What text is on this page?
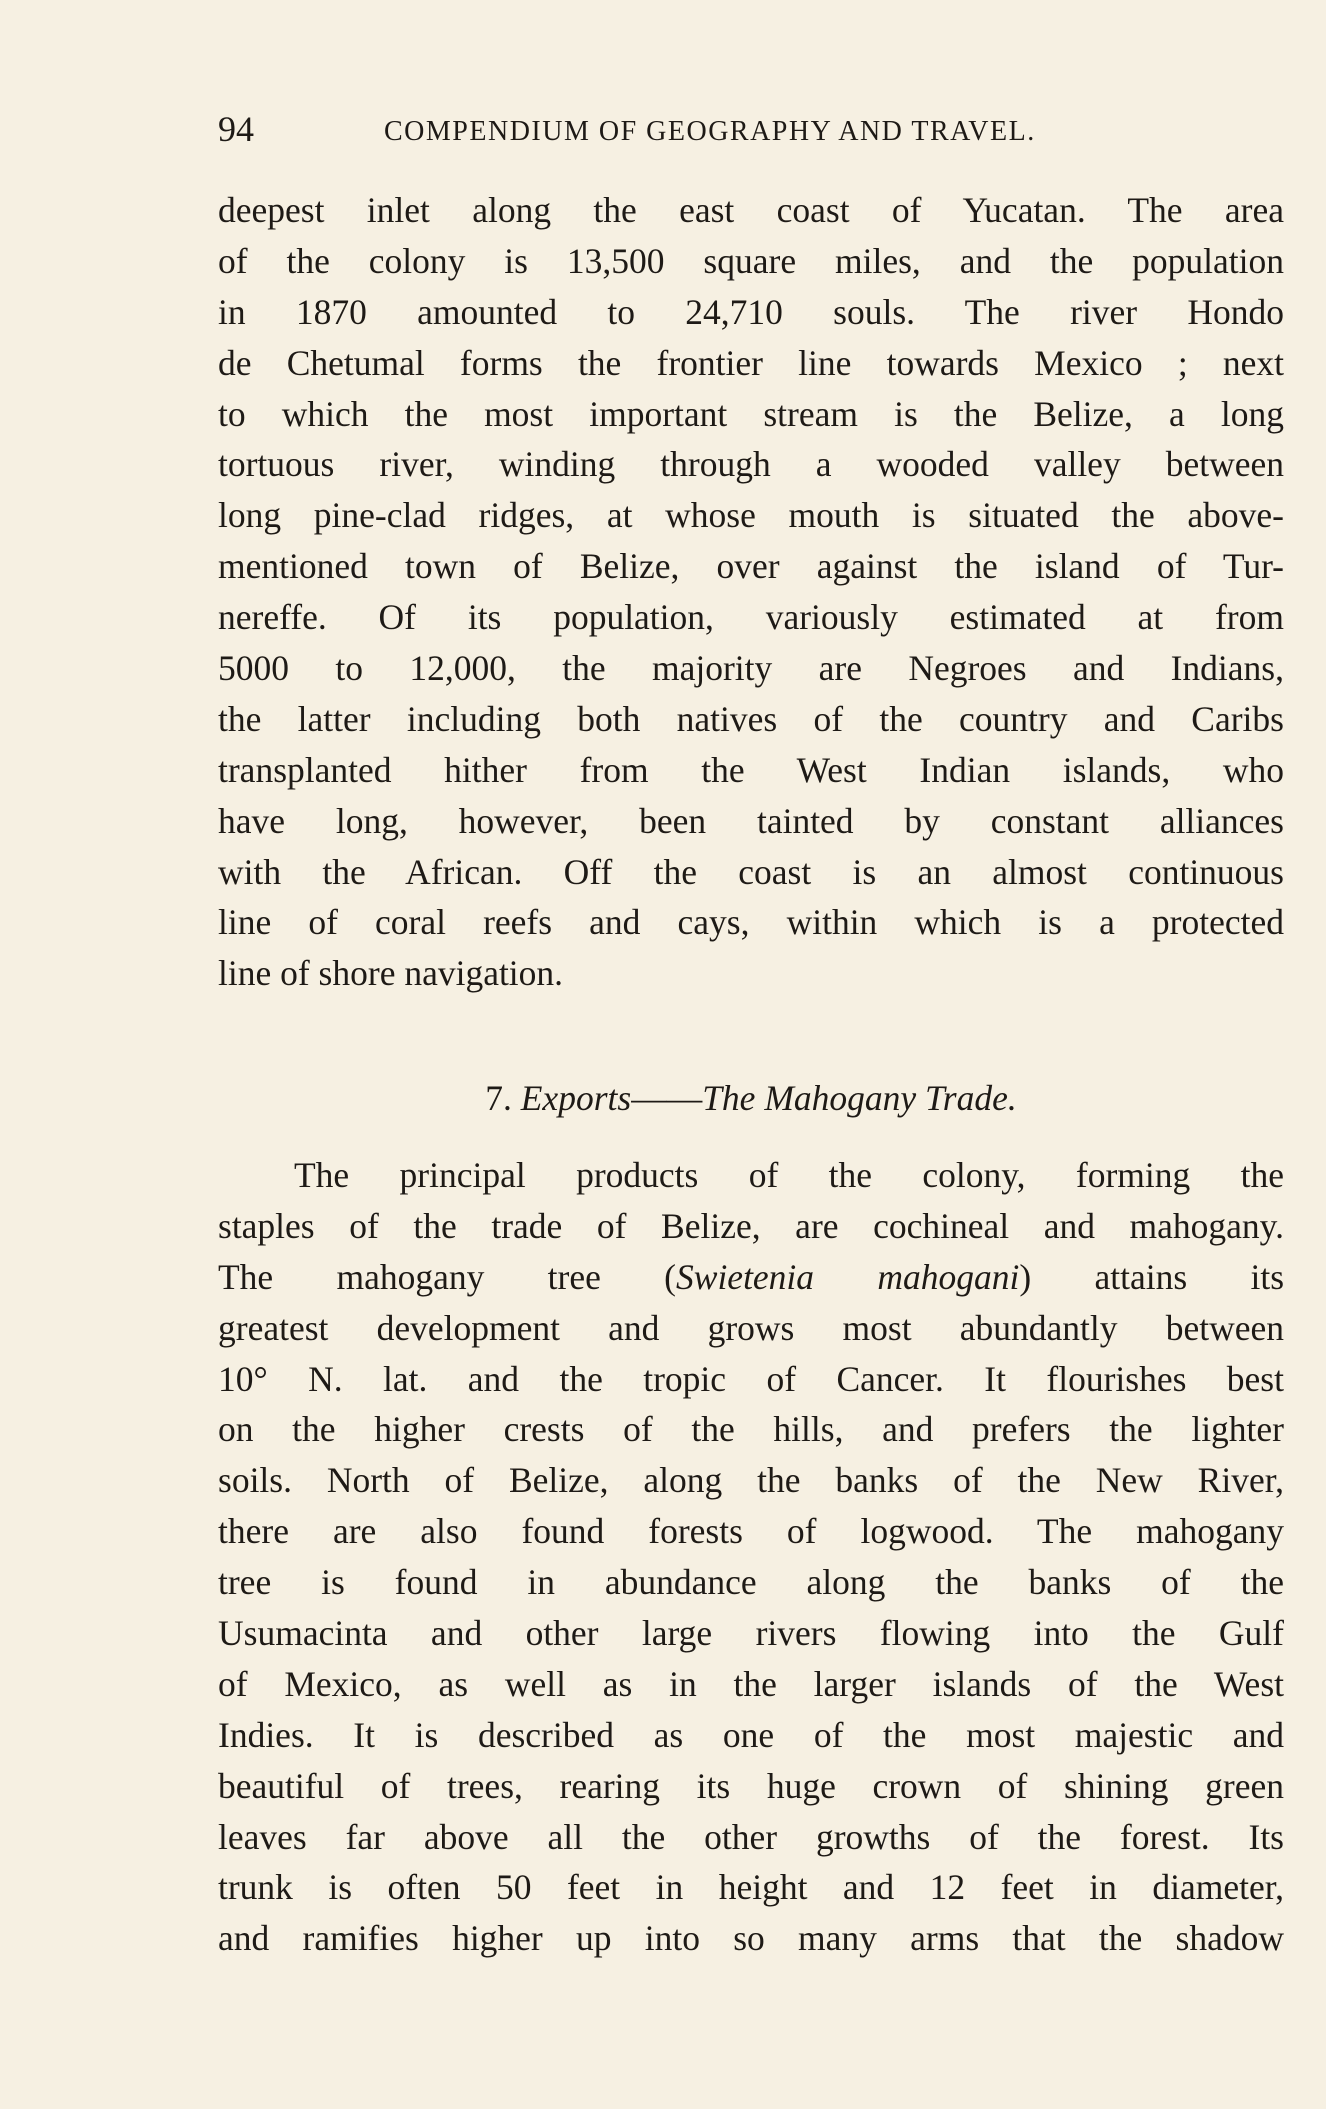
94	COMPENDIUM OF GEOGRAPHY AND TRAVEL.
deepest inlet along the east coast of Yucatan. The area
of the colony is 13,500 square miles, and the population
in 1870 amounted to 24,710 souls. The river Hondo
de Chetumal forms the frontier line towards Mexico ; next
to which the most important stream is the Belize, a long
tortuous river, winding through a wooded valley between
long pine-clad ridges, at whose mouth is situated the above-
mentioned town of Belize, over against the island of Tur-
nereffe. Of its population, variously estimated at from
5000 to 12,000, the majority are Negroes and Indians,
the latter including both natives of the country and Caribs
transplanted hither from the West Indian islands, who
have long, however, been tainted by constant alliances
with the African. Off the coast is an almost continuous
line of coral reefs and cays, within which is a protected
line of shore navigation.
7. Exports——The Mahogany Trade.
The principal products of the colony, forming the
staples of the trade of Belize, are cochineal and mahogany.
The mahogany tree (Swietenia mahogani) attains its
greatest development and grows most abundantly between
10° N. lat. and the tropic of Cancer. It flourishes best
on the higher crests of the hills, and prefers the lighter
soils. North of Belize, along the banks of the New River,
there are also found forests of logwood. The mahogany
tree is found in abundance along the banks of the
Usumacinta and other large rivers flowing into the Gulf
of Mexico, as well as in the larger islands of the West
Indies. It is described as one of the most majestic and
beautiful of trees, rearing its huge crown of shining green
leaves far above all the other growths of the forest. Its
trunk is often 50 feet in height and 12 feet in diameter,
and ramifies higher up into so many arms that the shadow
